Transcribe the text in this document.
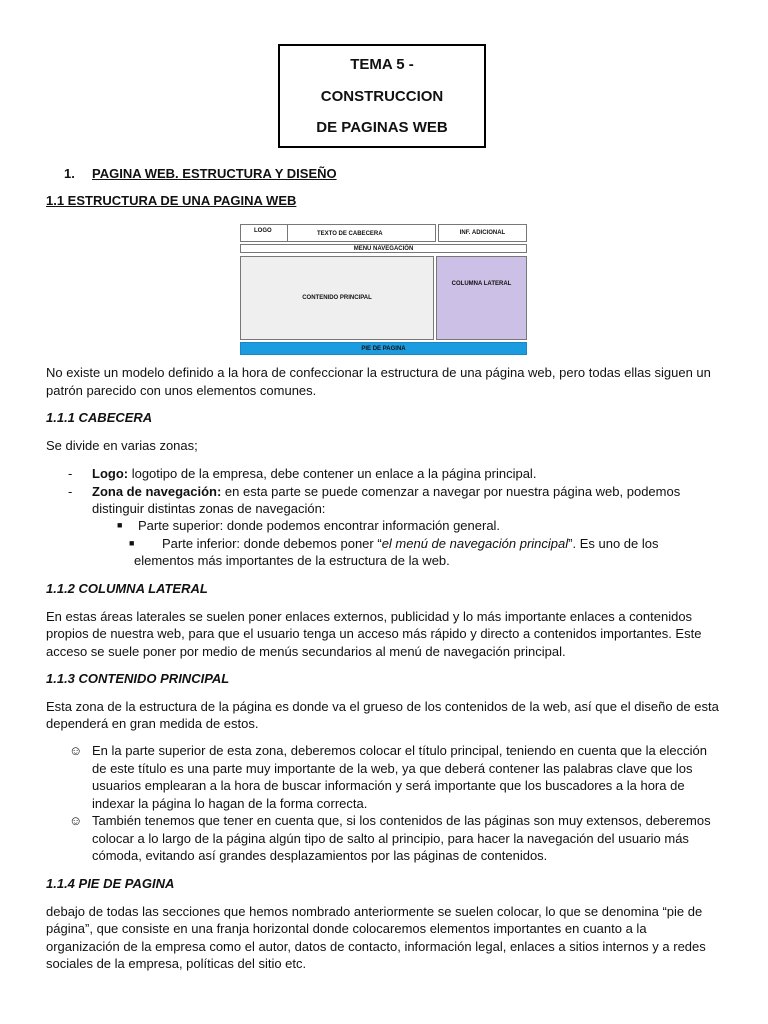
TEMA 5 -
CONSTRUCCION
DE PAGINAS WEB
1. PAGINA WEB. ESTRUCTURA Y DISEÑO
1.1 ESTRUCTURA DE UNA PAGINA WEB
LOGO	TEXTO DE CABECERA	INF. ADICIONAL
MENU NAVEGACIÓN
CONTENIDO PRINCIPAL
COLUMNA LATERAL
PIE DE PAGINA
No existe un modelo definido a la hora de confeccionar la estructura de una página web, pero todas ellas siguen un
patrón parecido con unos elementos comunes.
1.1.1 CABECERA
Se divide en varias zonas;
- Logo: logotipo de la empresa, debe contener un enlace a la página principal.
- Zona de navegación: en esta parte se puede comenzar a navegar por nuestra página web, podemos
distinguir distintas zonas de navegación:
■ Parte superior: donde podemos encontrar información general.
■ Parte inferior: donde debemos poner “el menú de navegación principal”. Es uno de los
elementos más importantes de la estructura de la web.
1.1.2 COLUMNA LATERAL
En estas áreas laterales se suelen poner enlaces externos, publicidad y lo más importante enlaces a contenidos
propios de nuestra web, para que el usuario tenga un acceso más rápido y directo a contenidos importantes. Este
acceso se suele poner por medio de menús secundarios al menú de navegación principal.
1.1.3 CONTENIDO PRINCIPAL
Esta zona de la estructura de la página es donde va el grueso de los contenidos de la web, así que el diseño de esta
dependerá en gran medida de estos.
☺ En la parte superior de esta zona, deberemos colocar el título principal, teniendo en cuenta que la elección
de este título es una parte muy importante de la web, ya que deberá contener las palabras clave que los
usuarios emplearan a la hora de buscar información y será importante que los buscadores a la hora de
indexar la página lo hagan de la forma correcta.
☺ También tenemos que tener en cuenta que, si los contenidos de las páginas son muy extensos, deberemos
colocar a lo largo de la página algún tipo de salto al principio, para hacer la navegación del usuario más
cómoda, evitando así grandes desplazamientos por las páginas de contenidos.
1.1.4 PIE DE PAGINA
debajo de todas las secciones que hemos nombrado anteriormente se suelen colocar, lo que se denomina “pie de
página”, que consiste en una franja horizontal donde colocaremos elementos importantes en cuanto a la
organización de la empresa como el autor, datos de contacto, información legal, enlaces a sitios internos y a redes
sociales de la empresa, políticas del sitio etc.
